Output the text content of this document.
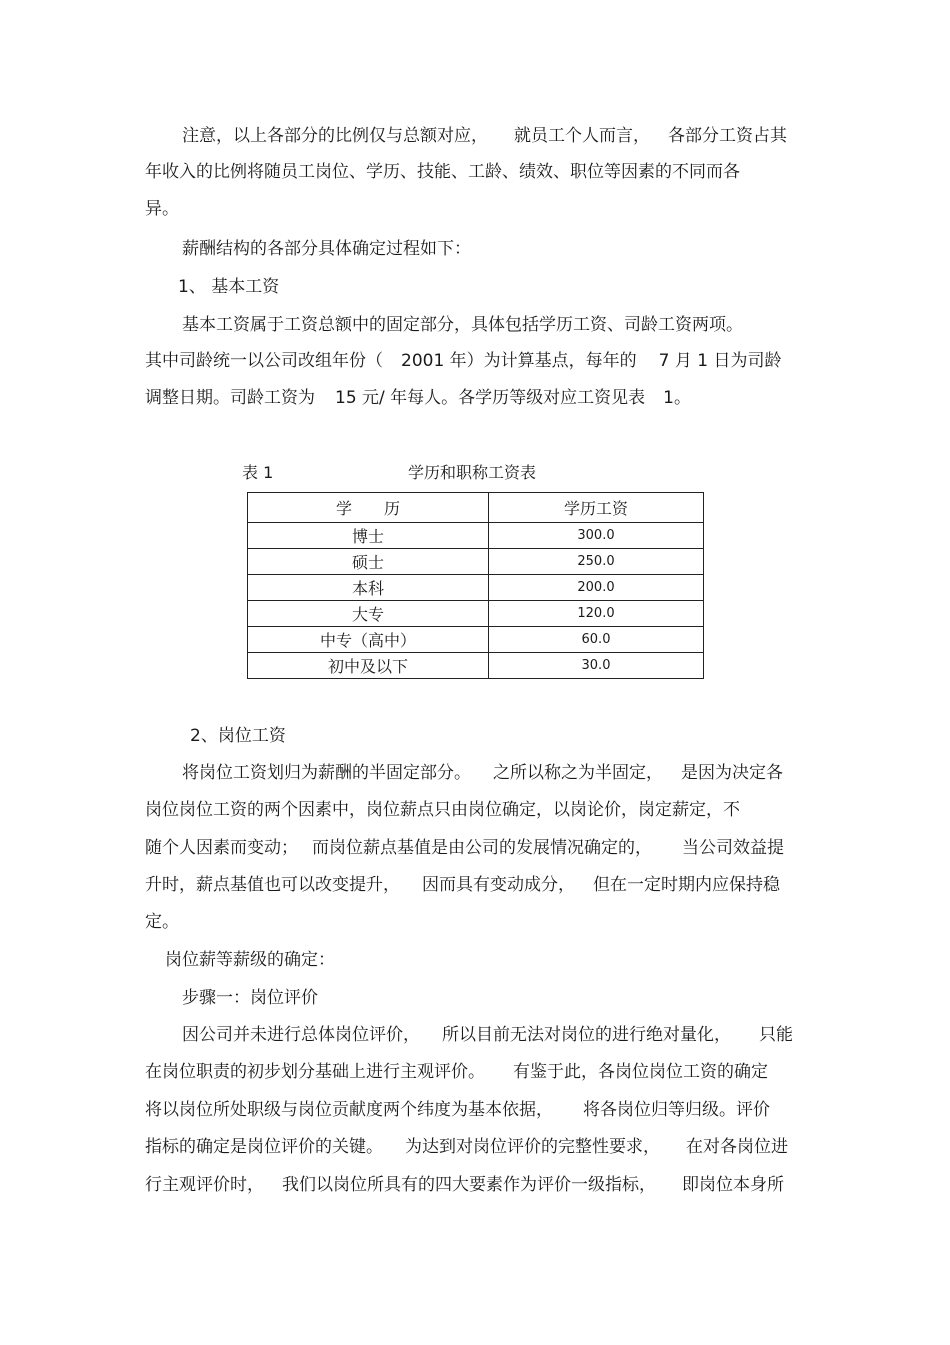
注意，以上各部分的比例仅与总额对应， 就员工个人而言， 各部分工资占其
年收入的比例将随员工岗位、学历、技能、工龄、绩效、职位等因素的不同而各
异。
薪酬结构的各部分具体确定过程如下：
1、 基本工资
基本工资属于工资总额中的固定部分，具体包括学历工资、司龄工资两项。
其中司龄统一以公司改组年份（ 2001 年）为计算基点，每年的 7 月 1 日为司龄
调整日期。司龄工资为 15 元/ 年每人。各学历等级对应工资见表 1。
表 1	学历和职称工资表
学　　历	学历工资
博士	300.0
硕士	250.0
本科	200.0
大专	120.0
中专（高中）	60.0
初中及以下	30.0
2、岗位工资
将岗位工资划归为薪酬的半固定部分。 之所以称之为半固定， 是因为决定各
岗位岗位工资的两个因素中，岗位薪点只由岗位确定，以岗论价，岗定薪定，不
随个人因素而变动； 而岗位薪点基值是由公司的发展情况确定的， 当公司效益提
升时，薪点基值也可以改变提升， 因而具有变动成分， 但在一定时期内应保持稳
定。
岗位薪等薪级的确定：
步骤一：岗位评价
因公司并未进行总体岗位评价， 所以目前无法对岗位的进行绝对量化， 只能
在岗位职责的初步划分基础上进行主观评价。 有鉴于此，各岗位岗位工资的确定
将以岗位所处职级与岗位贡献度两个纬度为基本依据， 将各岗位归等归级。评价
指标的确定是岗位评价的关键。 为达到对岗位评价的完整性要求， 在对各岗位进
行主观评价时， 我们以岗位所具有的四大要素作为评价一级指标， 即岗位本身所
